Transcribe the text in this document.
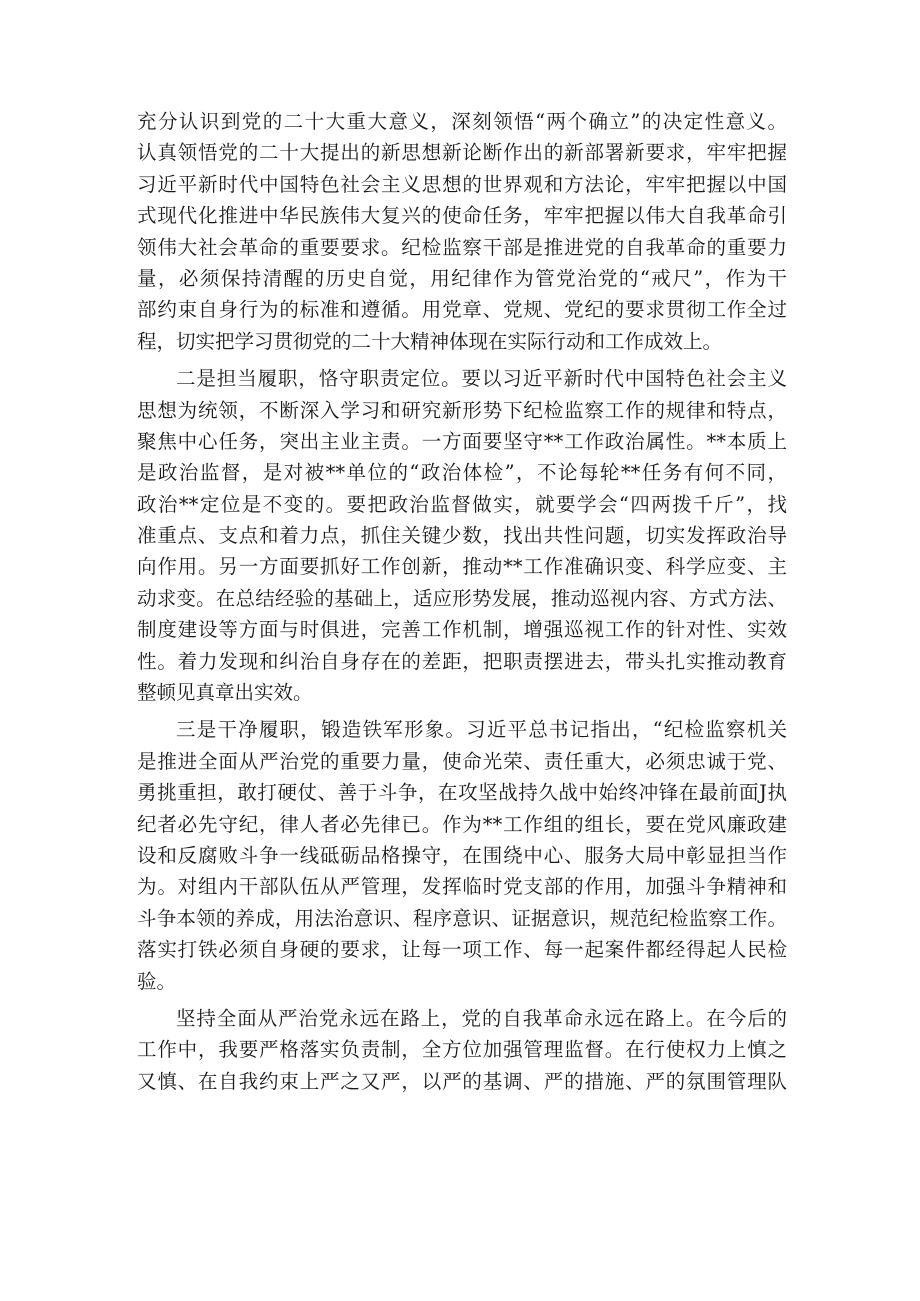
充分认识到党的二十大重大意义，深刻领悟“两个确立”的决定性意义。
认真领悟党的二十大提出的新思想新论断作出的新部署新要求，牢牢把握
习近平新时代中国特色社会主义思想的世界观和方法论，牢牢把握以中国
式现代化推进中华民族伟大复兴的使命任务，牢牢把握以伟大自我革命引
领伟大社会革命的重要要求。纪检监察干部是推进党的自我革命的重要力
量，必须保持清醒的历史自觉，用纪律作为管党治党的“戒尺”，作为干
部约束自身行为的标准和遵循。用党章、党规、党纪的要求贯彻工作全过
程，切实把学习贯彻党的二十大精神体现在实际行动和工作成效上。
二是担当履职，恪守职责定位。要以习近平新时代中国特色社会主义
思想为统领，不断深入学习和研究新形势下纪检监察工作的规律和特点，
聚焦中心任务，突出主业主责。一方面要坚守**工作政治属性。**本质上
是政治监督，是对被**单位的“政治体检”，不论每轮**任务有何不同，
政治**定位是不变的。要把政治监督做实，就要学会“四两拨千斤”，找
准重点、支点和着力点，抓住关键少数，找出共性问题，切实发挥政治导
向作用。另一方面要抓好工作创新，推动**工作准确识变、科学应变、主
动求变。在总结经验的基础上，适应形势发展，推动巡视内容、方式方法、
制度建设等方面与时俱进，完善工作机制，增强巡视工作的针对性、实效
性。着力发现和纠治自身存在的差距，把职责摆进去，带头扎实推动教育
整顿见真章出实效。
三是干净履职，锻造铁军形象。习近平总书记指出，“纪检监察机关
是推进全面从严治党的重要力量，使命光荣、责任重大，必须忠诚于党、
勇挑重担，敢打硬仗、善于斗争，在攻坚战持久战中始终冲锋在最前面J执
纪者必先守纪，律人者必先律已。作为**工作组的组长，要在党风廉政建
设和反腐败斗争一线砥砺品格操守，在围绕中心、服务大局中彰显担当作
为。对组内干部队伍从严管理，发挥临时党支部的作用，加强斗争精神和
斗争本领的养成，用法治意识、程序意识、证据意识，规范纪检监察工作。
落实打铁必须自身硬的要求，让每一项工作、每一起案件都经得起人民检
验。
坚持全面从严治党永远在路上，党的自我革命永远在路上。在今后的
工作中，我要严格落实负责制，全方位加强管理监督。在行使权力上慎之
又慎、在自我约束上严之又严，以严的基调、严的措施、严的氛围管理队
